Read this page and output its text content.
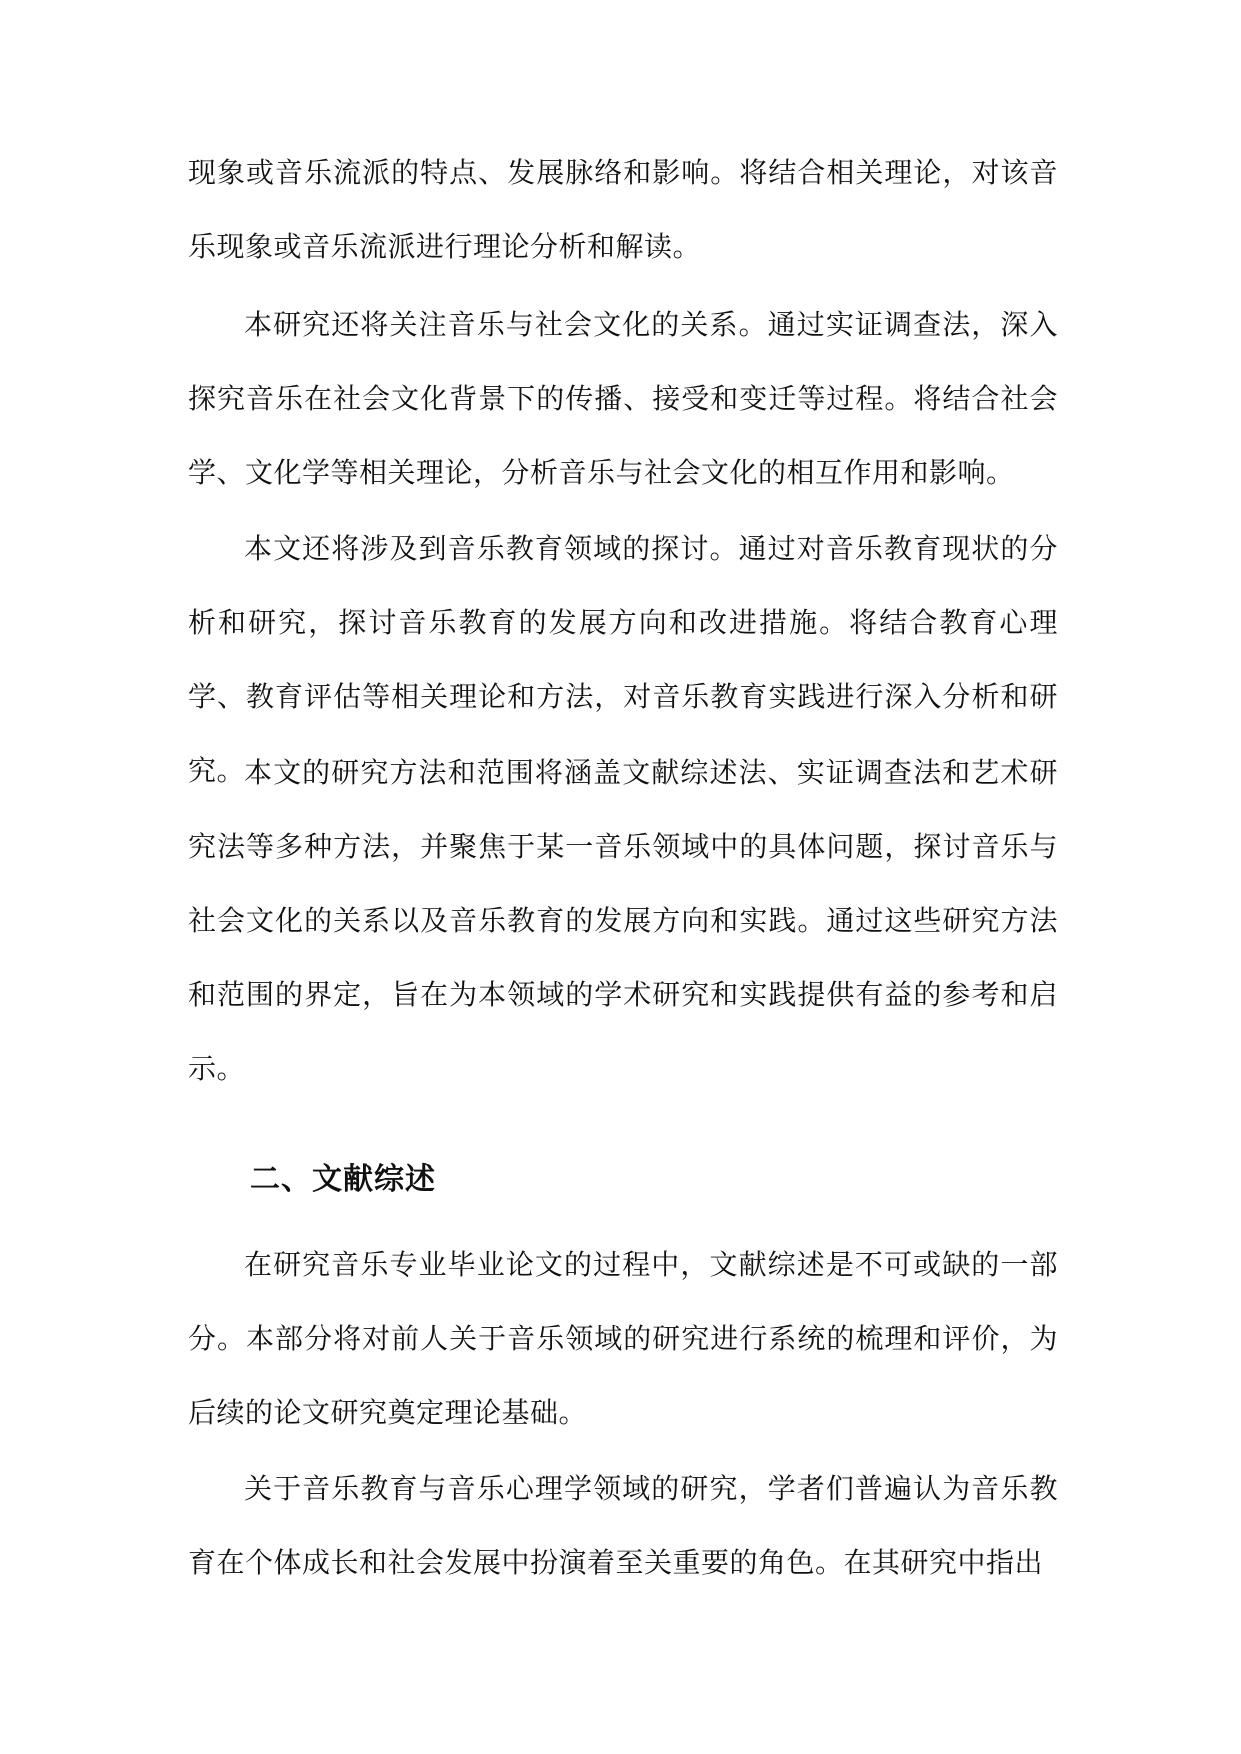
现象或音乐流派的特点、发展脉络和影响。将结合相关理论，对该音乐现象或音乐流派进行理论分析和解读。

本研究还将关注音乐与社会文化的关系。通过实证调查法，深入探究音乐在社会文化背景下的传播、接受和变迁等过程。将结合社会学、文化学等相关理论，分析音乐与社会文化的相互作用和影响。

本文还将涉及到音乐教育领域的探讨。通过对音乐教育现状的分析和研究，探讨音乐教育的发展方向和改进措施。将结合教育心理学、教育评估等相关理论和方法，对音乐教育实践进行深入分析和研究。

本文的研究方法和范围将涵盖文献综述法、实证调查法和艺术研究法等多种方法，并聚焦于某一音乐领域中的具体问题，探讨音乐与社会文化的关系以及音乐教育的发展方向和实践。通过这些研究方法和范围的界定，旨在为本领域的学术研究和实践提供有益的参考和启示。

二、文献综述

在研究音乐专业毕业论文的过程中，文献综述是不可或缺的一部分。本部分将对前人关于音乐领域的研究进行系统的梳理和评价，为后续的论文研究奠定理论基础。

关于音乐教育与音乐心理学领域的研究，学者们普遍认为音乐教育在个体成长和社会发展中扮演着至关重要的角色。在其研究中指出
